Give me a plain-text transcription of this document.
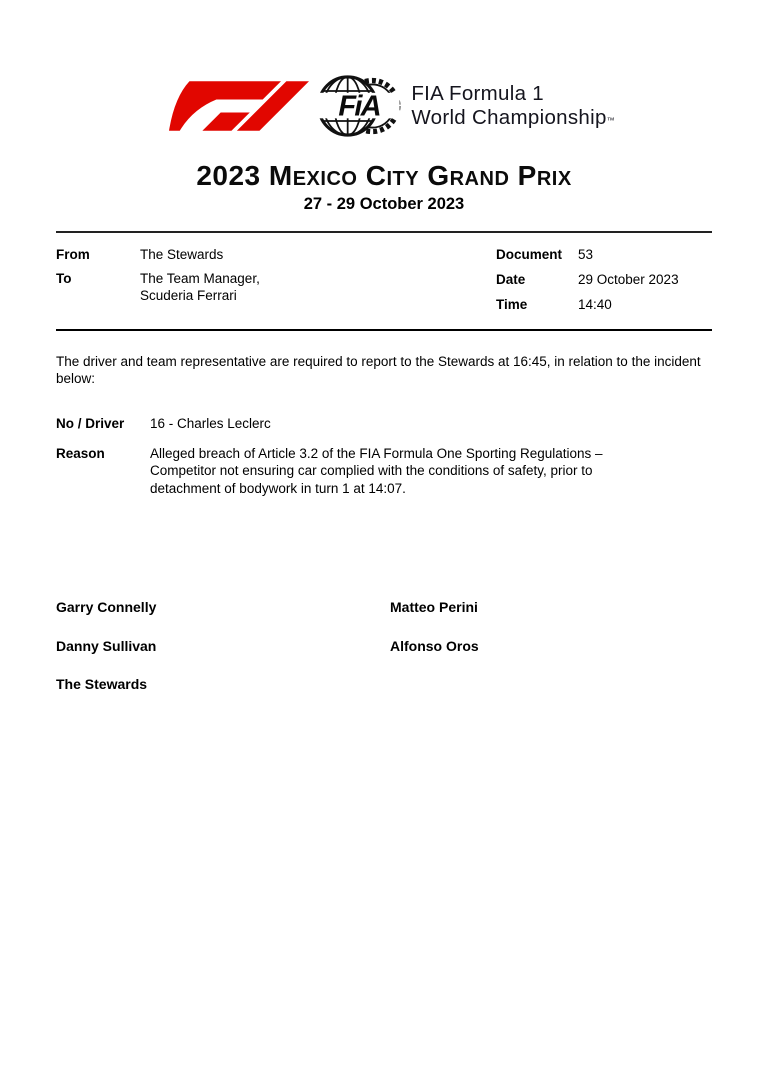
FiA FIA Formula 1
World Championship™
2023 Mexico City Grand Prix
27 - 29 October 2023
From	The Stewards
To	The Team Manager,
Scuderia Ferrari
Document	53
Date	29 October 2023
Time	14:40

The driver and team representative are required to report to the Stewards at 16:45, in relation to the incident below:

No / Driver	16 - Charles Leclerc
Reason	Alleged breach of Article 3.2 of the FIA Formula One Sporting Regulations – Competitor not ensuring car complied with the conditions of safety, prior to detachment of bodywork in turn 1 at 14:07.
Garry Connelly	Matteo Perini
Danny Sullivan	Alfonso Oros
The Stewards
